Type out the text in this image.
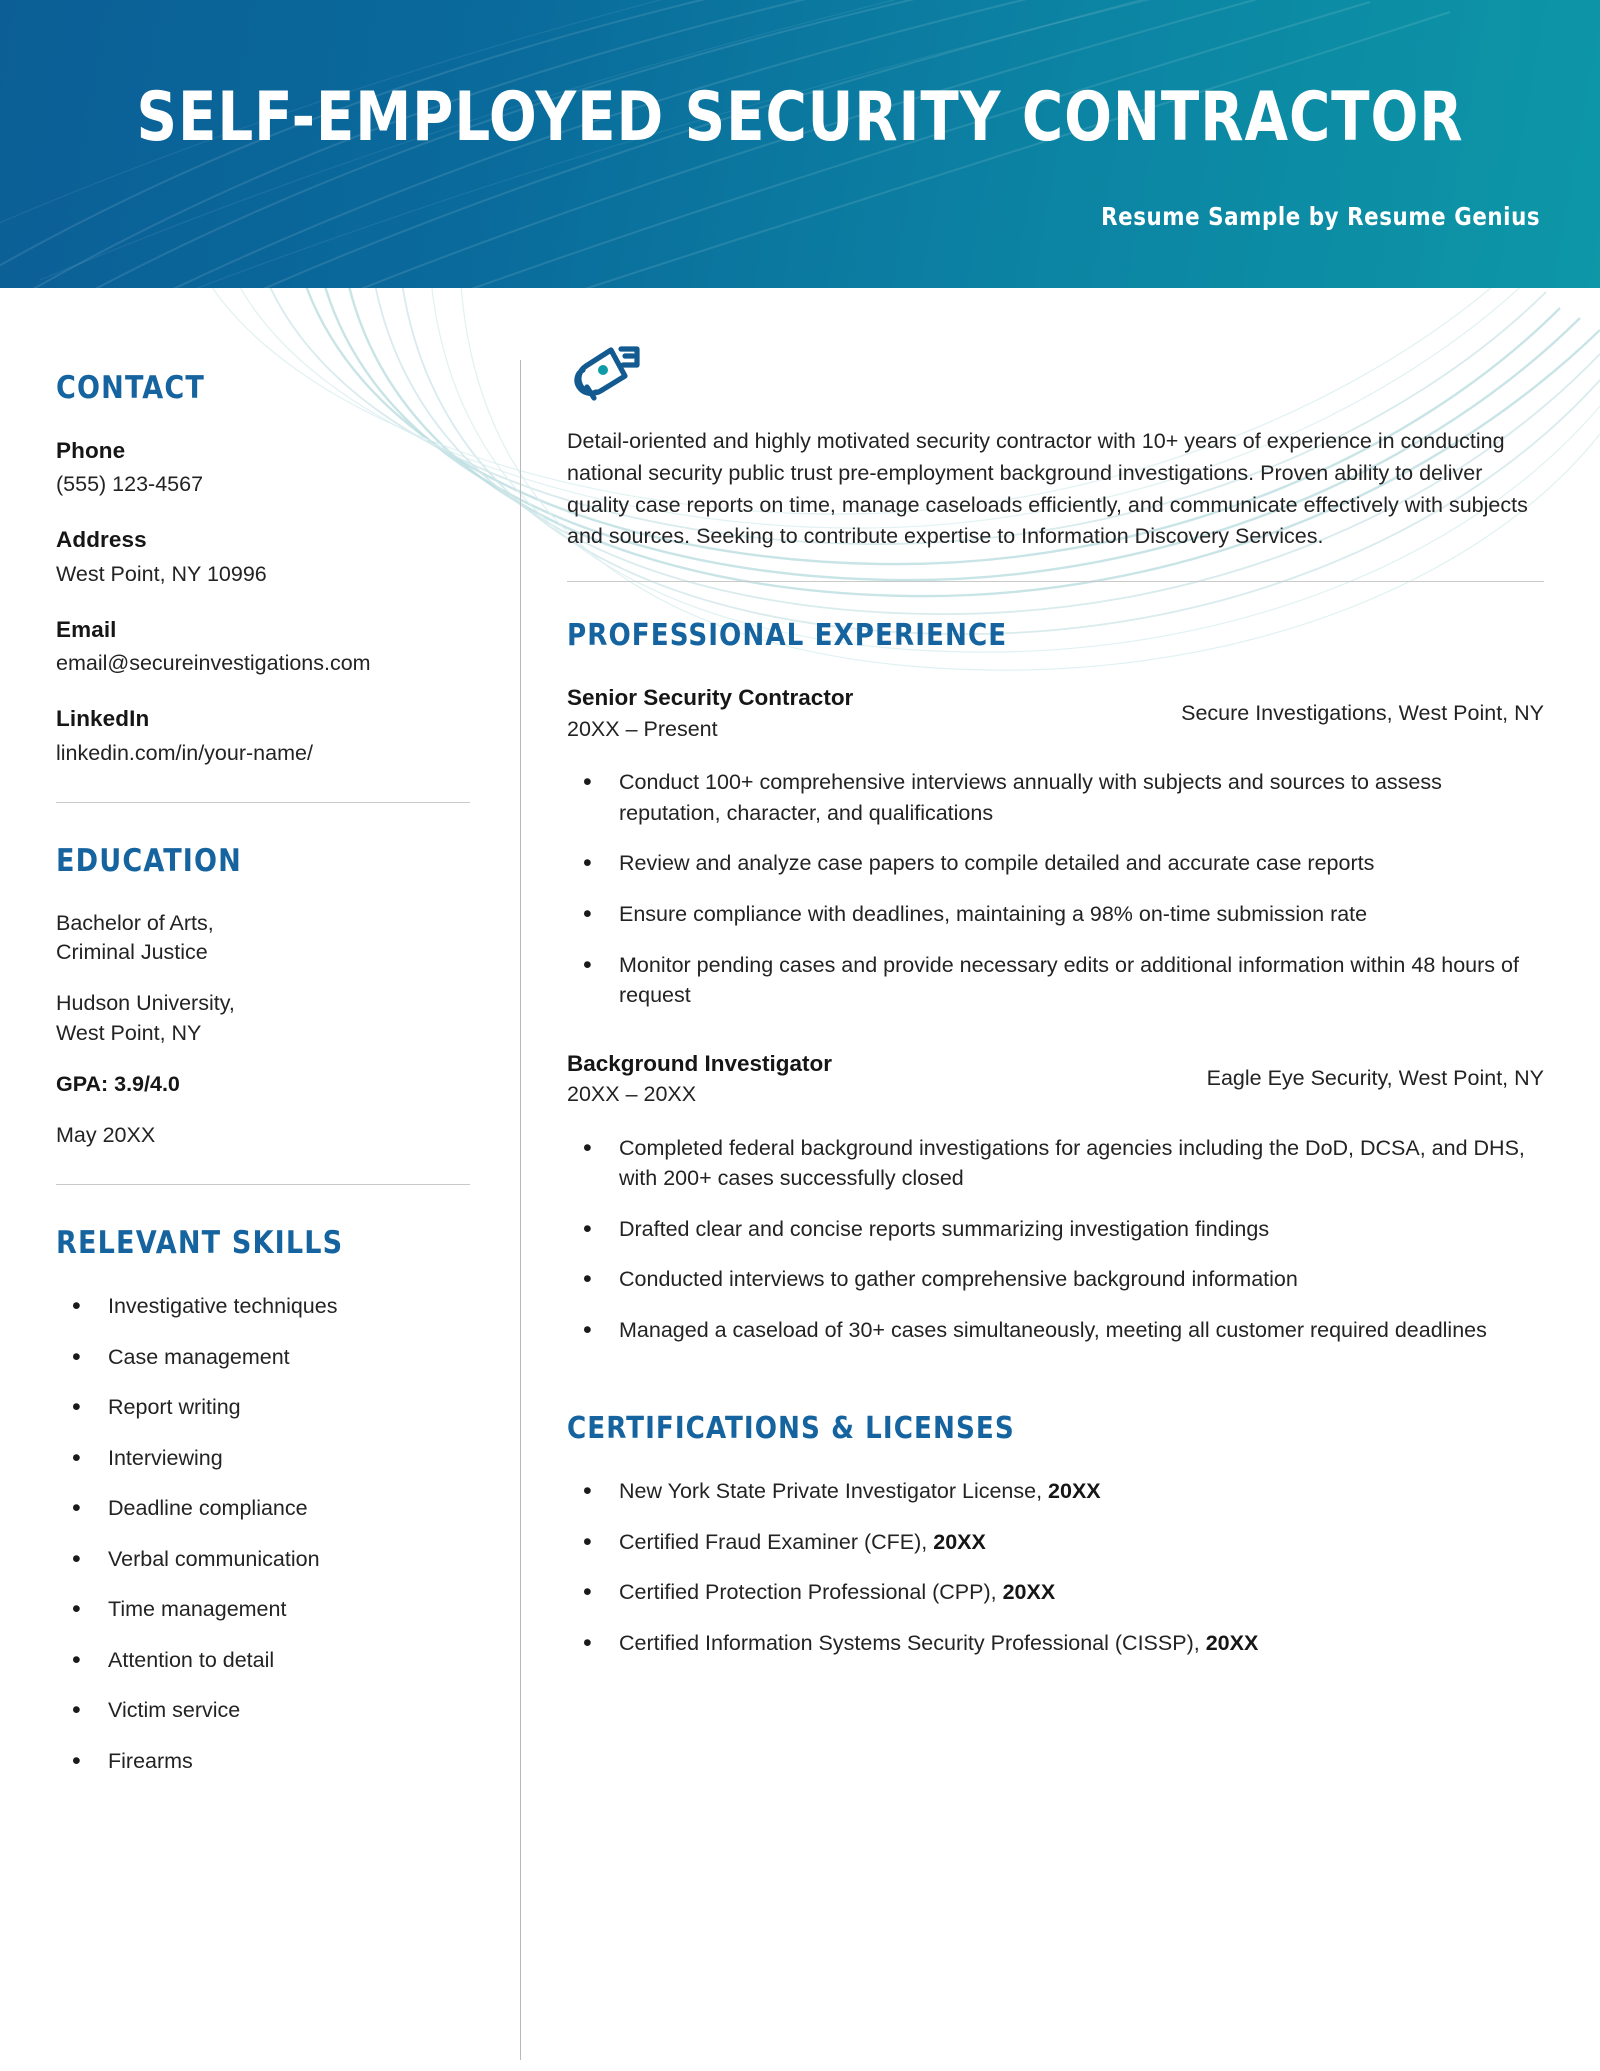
SELF-EMPLOYED SECURITY CONTRACTOR
Resume Sample by Resume Genius
CONTACT
Phone
(555) 123-4567
Address
West Point, NY 10996
Email
email@secureinvestigations.com
LinkedIn
linkedin.com/in/your-name/
EDUCATION
Bachelor of Arts,
Criminal Justice
Hudson University,
West Point, NY
GPA: 3.9/4.0
May 20XX
RELEVANT SKILLS
• Investigative techniques
• Case management
• Report writing
• Interviewing
• Deadline compliance
• Verbal communication
• Time management
• Attention to detail
• Victim service
• Firearms

Detail-oriented and highly motivated security contractor with 10+ years of experience in conducting national security public trust pre-employment background investigations. Proven ability to deliver quality case reports on time, manage caseloads efficiently, and communicate effectively with subjects and sources. Seeking to contribute expertise to Information Discovery Services.

PROFESSIONAL EXPERIENCE
Senior Security Contractor
20XX – Present
Secure Investigations, West Point, NY
• Conduct 100+ comprehensive interviews annually with subjects and sources to assess reputation, character, and qualifications
• Review and analyze case papers to compile detailed and accurate case reports
• Ensure compliance with deadlines, maintaining a 98% on-time submission rate
• Monitor pending cases and provide necessary edits or additional information within 48 hours of request
Background Investigator
20XX – 20XX
Eagle Eye Security, West Point, NY
• Completed federal background investigations for agencies including the DoD, DCSA, and DHS, with 200+ cases successfully closed
• Drafted clear and concise reports summarizing investigation findings
• Conducted interviews to gather comprehensive background information
• Managed a caseload of 30+ cases simultaneously, meeting all customer required deadlines
CERTIFICATIONS & LICENSES
• New York State Private Investigator License, 20XX
• Certified Fraud Examiner (CFE), 20XX
• Certified Protection Professional (CPP), 20XX
• Certified Information Systems Security Professional (CISSP), 20XX
